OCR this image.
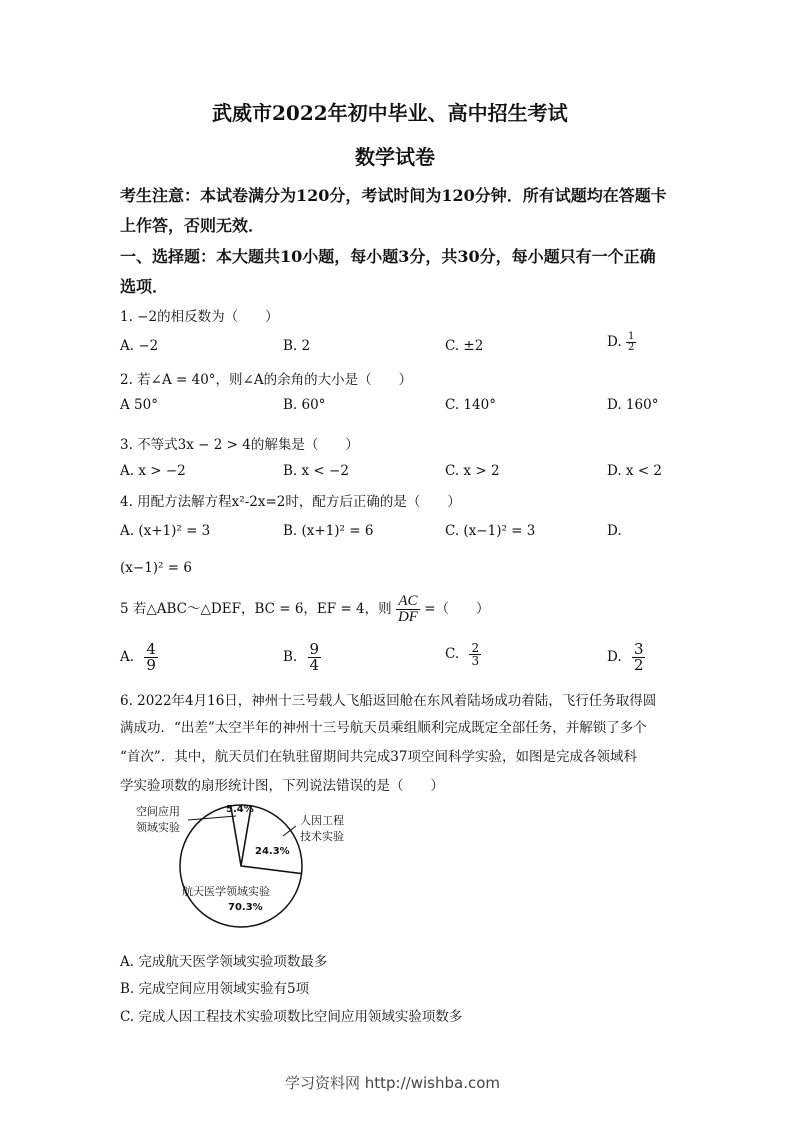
武威市2022年初中毕业、高中招生考试
数学试卷
考生注意：本试卷满分为120分，考试时间为120分钟．所有试题均在答题卡
上作答，否则无效．
一、选择题：本大题共10小题，每小题3分，共30分，每小题只有一个正确
选项．
1. −2的相反数为（　　）
A. −2	B. 2	C. ±2	D. $\frac{1}{2}$
2. 若∠A = 40°，则∠A的余角的大小是（　　）
A 50°	B. 60°	C. 140°	D. 160°
3. 不等式3x − 2 > 4的解集是（　　）
A. x > −2	B. x < −2	C. x > 2	D. x < 2
4. 用配方法解方程x²-2x=2时，配方后正确的是（　　）
A. (x+1)² = 3	B. (x+1)² = 6	C. (x−1)² = 3	D.
(x−1)² = 6
5 若△ABC～△DEF，BC = 6，EF = 4，则 $\frac{AC}{DF}$ =（　　）
A. $\frac{4}{9}$	B. $\frac{9}{4}$	C. $\frac{2}{3}$	D. $\frac{3}{2}$
6. 2022年4月16日，神州十三号载人飞船返回舱在东风着陆场成功着陆，飞行任务取得圆
满成功．“出差”太空半年的神州十三号航天员乘组顺利完成既定全部任务，并解锁了多个
“首次”．其中，航天员们在轨驻留期间共完成37项空间科学实验，如图是完成各领域科
学实验项数的扇形统计图，下列说法错误的是（　　）
空间应用
领域实验
人因工程
技术实验
5.4%
24.3%
航天医学领域实验
70.3%
A. 完成航天医学领域实验项数最多
B. 完成空间应用领域实验有5项
C. 完成人因工程技术实验项数比空间应用领域实验项数多
学习资料网 http://wishba.com
